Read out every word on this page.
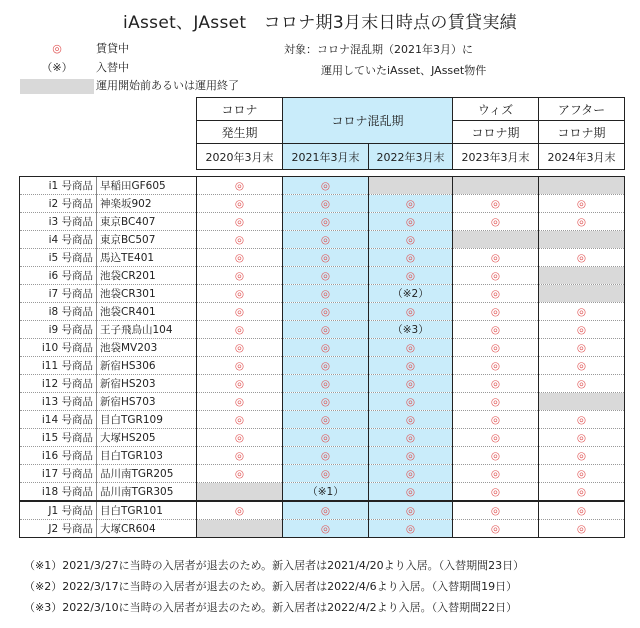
iAsset、JAsset　コロナ期3月末日時点の賃貸実績
◎	賃貸中
（※）	入替中
運用開始前あるいは運用終了
対象：コロナ混乱期（2021年3月）に
運用していたiAsset、JAsset物件
		コロナ	コロナ混乱期		ウィズ	アフター
		発生期			コロナ期	コロナ期
		2020年3月末	2021年3月末	2022年3月末	2023年3月末	2024年3月末

i1 号商品	早稲田GF605	◎	◎			
i2 号商品	神楽坂902	◎	◎	◎	◎	◎
i3 号商品	東京BC407	◎	◎	◎	◎	◎
i4 号商品	東京BC507	◎	◎	◎		
i5 号商品	馬込TE401	◎	◎	◎	◎	◎
i6 号商品	池袋CR201	◎	◎	◎	◎	
i7 号商品	池袋CR301	◎	◎	（※2）	◎	
i8 号商品	池袋CR401	◎	◎	◎	◎	◎
i9 号商品	王子飛鳥山104	◎	◎	（※3）	◎	◎
i10 号商品	池袋MV203	◎	◎	◎	◎	◎
i11 号商品	新宿HS306	◎	◎	◎	◎	◎
i12 号商品	新宿HS203	◎	◎	◎	◎	◎
i13 号商品	新宿HS703	◎	◎	◎	◎	
i14 号商品	目白TGR109	◎	◎	◎	◎	◎
i15 号商品	大塚HS205	◎	◎	◎	◎	◎
i16 号商品	目白TGR103	◎	◎	◎	◎	◎
i17 号商品	品川南TGR205	◎	◎	◎	◎	◎
i18 号商品	品川南TGR305		（※1）	◎	◎	◎
J1 号商品	目白TGR101	◎	◎	◎	◎	◎
J2 号商品	大塚CR604		◎	◎	◎	◎
（※1）2021/3/27に当時の入居者が退去のため。新入居者は2021/4/20より入居。（入替期間23日）
（※2）2022/3/17に当時の入居者が退去のため。新入居者は2022/4/6より入居。（入替期間19日）
（※3）2022/3/10に当時の入居者が退去のため。新入居者は2022/4/2より入居。（入替期間22日）
